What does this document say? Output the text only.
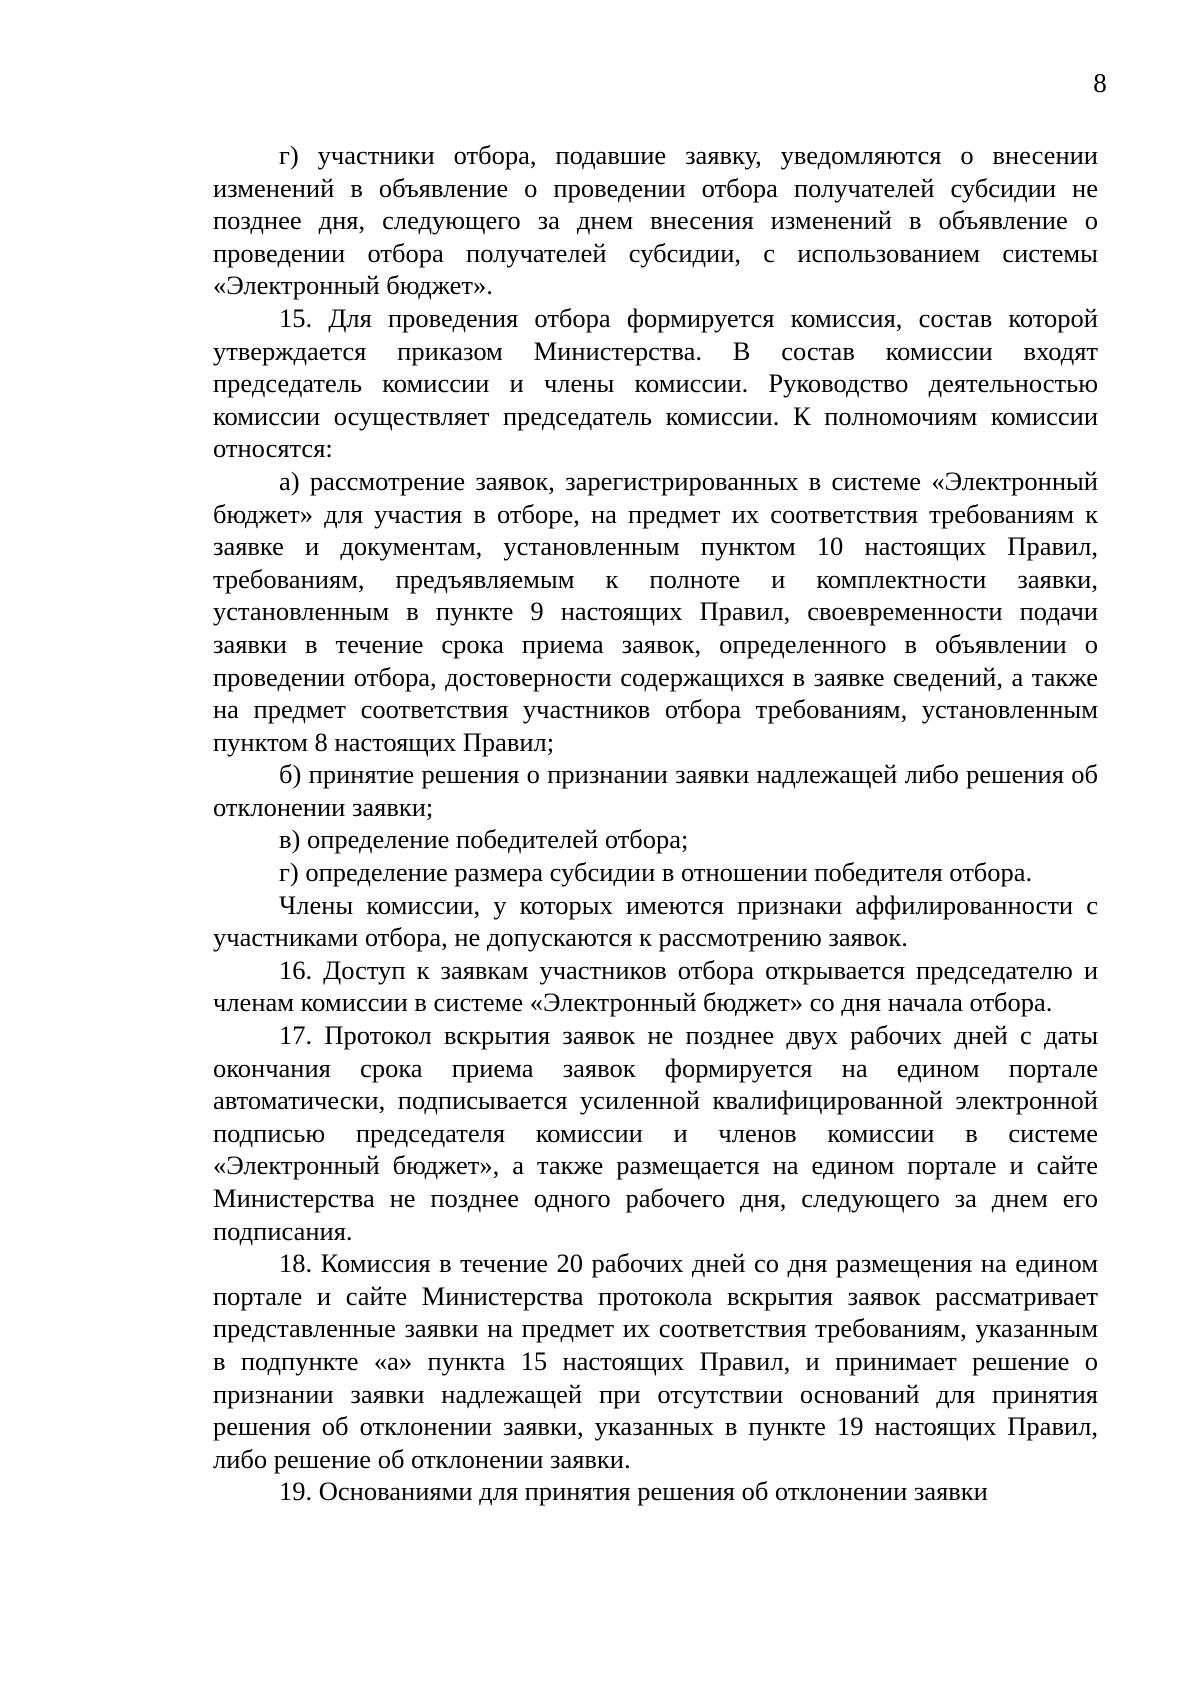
8

г) участники отбора, подавшие заявку, уведомляются о внесении изменений в объявление о проведении отбора получателей субсидии не позднее дня, следующего за днем внесения изменений в объявление о проведении отбора получателей субсидии, с использованием системы «Электронный бюджет».

15. Для проведения отбора формируется комиссия, состав которой утверждается приказом Министерства. В состав комиссии входят председатель комиссии и члены комиссии. Руководство деятельностью комиссии осуществляет председатель комиссии. К полномочиям комиссии относятся:

а) рассмотрение заявок, зарегистрированных в системе «Электронный бюджет» для участия в отборе, на предмет их соответствия требованиям к заявке и документам, установленным пунктом 10 настоящих Правил, требованиям, предъявляемым к полноте и комплектности заявки, установленным в пункте 9 настоящих Правил, своевременности подачи заявки в течение срока приема заявок, определенного в объявлении о проведении отбора, достоверности содержащихся в заявке сведений, а также на предмет соответствия участников отбора требованиям, установленным пунктом 8 настоящих Правил;

б) принятие решения о признании заявки надлежащей либо решения об отклонении заявки;

в) определение победителей отбора;

г) определение размера субсидии в отношении победителя отбора.

Члены комиссии, у которых имеются признаки аффилированности с участниками отбора, не допускаются к рассмотрению заявок.

16. Доступ к заявкам участников отбора открывается председателю и членам комиссии в системе «Электронный бюджет» со дня начала отбора.

17. Протокол вскрытия заявок не позднее двух рабочих дней с даты окончания срока приема заявок формируется на едином портале автоматически, подписывается усиленной квалифицированной электронной подписью председателя комиссии и членов комиссии в системе «Электронный бюджет», а также размещается на едином портале и сайте Министерства не позднее одного рабочего дня, следующего за днем его подписания.

18. Комиссия в течение 20 рабочих дней со дня размещения на едином портале и сайте Министерства протокола вскрытия заявок рассматривает представленные заявки на предмет их соответствия требованиям, указанным в подпункте «а» пункта 15 настоящих Правил, и принимает решение о признании заявки надлежащей при отсутствии оснований для принятия решения об отклонении заявки, указанных в пункте 19 настоящих Правил, либо решение об отклонении заявки.

19. Основаниями для принятия решения об отклонении заявки
